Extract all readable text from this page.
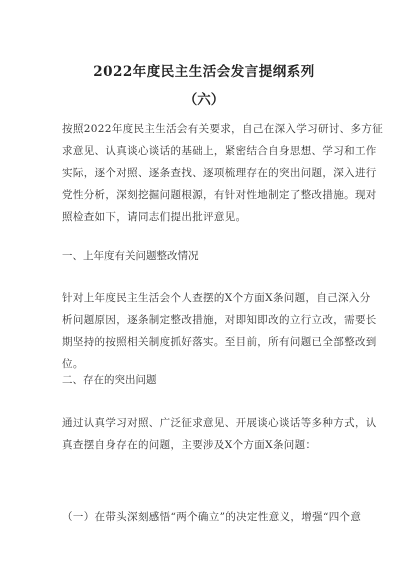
2022年度民主生活会发言提纲系列
（六）

按照2022年度民主生活会有关要求，自己在深入学习研讨、多方征
求意见、认真谈心谈话的基础上，紧密结合自身思想、学习和工作
实际，逐个对照、逐条查找、逐项梳理存在的突出问题，深入进行
党性分析，深刻挖掘问题根源，有针对性地制定了整改措施。现对
照检查如下，请同志们提出批评意见。

一、上年度有关问题整改情况

针对上年度民主生活会个人查摆的X个方面X条问题，自己深入分
析问题原因，逐条制定整改措施，对即知即改的立行立改，需要长
期坚持的按照相关制度抓好落实。至目前，所有问题已全部整改到
位。

二、存在的突出问题

通过认真学习对照、广泛征求意见、开展谈心谈话等多种方式，认
真查摆自身存在的问题，主要涉及X个方面X条问题：

（一）在带头深刻感悟“两个确立”的决定性意义，增强“四个意
